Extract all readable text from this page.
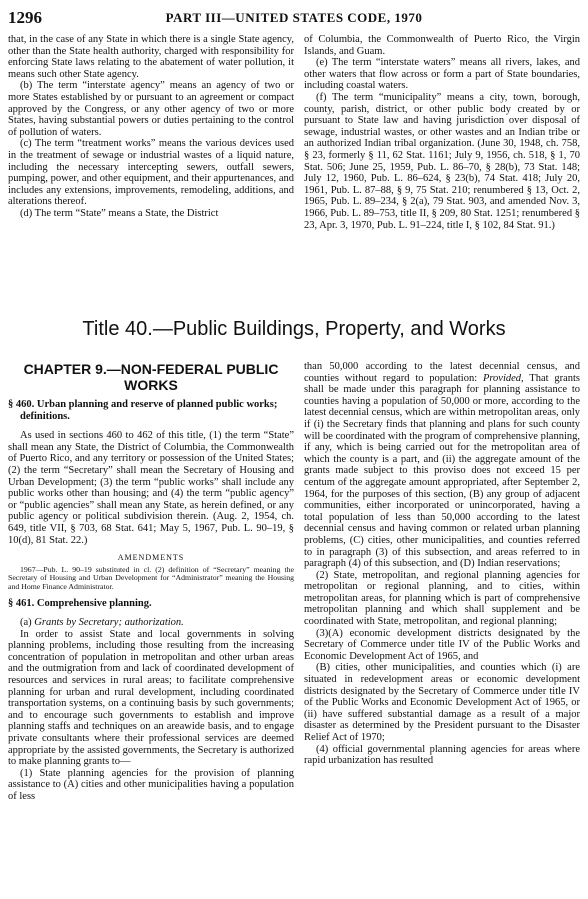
1296	PART III—UNITED STATES CODE, 1970

that, in the case of any State in which there is a single State agency, other than the State health authority, charged with responsibility for enforcing State laws relating to the abatement of water pollution, it means such other State agency.

(b) The term “interstate agency” means an agency of two or more States established by or pursuant to an agreement or compact approved by the Congress, or any other agency of two or more States, having substantial powers or duties pertaining to the control of pollution of waters.

(c) The term “treatment works” means the various devices used in the treatment of sewage or industrial wastes of a liquid nature, including the necessary intercepting sewers, outfall sewers, pumping, power, and other equipment, and their appurtenances, and includes any extensions, improvements, remodeling, additions, and alterations thereof.

(d) The term “State” means a State, the District

of Columbia, the Commonwealth of Puerto Rico, the Virgin Islands, and Guam.

(e) The term “interstate waters” means all rivers, lakes, and other waters that flow across or form a part of State boundaries, including coastal waters.

(f) The term “municipality” means a city, town, borough, county, parish, district, or other public body created by or pursuant to State law and having jurisdiction over disposal of sewage, industrial wastes, or other wastes and an Indian tribe or an authorized Indian tribal organization. (June 30, 1948, ch. 758, § 23, formerly § 11, 62 Stat. 1161; July 9, 1956, ch. 518, § 1, 70 Stat. 506; June 25, 1959, Pub. L. 86–70, § 28(b), 73 Stat. 148; July 12, 1960, Pub. L. 86–624, § 23(b), 74 Stat. 418; July 20, 1961, Pub. L. 87–88, § 9, 75 Stat. 210; renumbered § 13, Oct. 2, 1965, Pub. L. 89–234, § 2(a), 79 Stat. 903, and amended Nov. 3, 1966, Pub. L. 89–753, title II, § 209, 80 Stat. 1251; renumbered § 23, Apr. 3, 1970, Pub. L. 91–224, title I, § 102, 84 Stat. 91.)

Title 40.—Public Buildings, Property, and Works
CHAPTER 9.—NON-FEDERAL PUBLIC WORKS
§ 460. Urban planning and reserve of planned public works; definitions.

As used in sections 460 to 462 of this title, (1) the term “State” shall mean any State, the District of Columbia, the Commonwealth of Puerto Rico, and any territory or possession of the United States; (2) the term “Secretary” shall mean the Secretary of Housing and Urban Development; (3) the term “public works” shall include any public works other than housing; and (4) the term “public agency” or “public agencies” shall mean any State, as herein defined, or any public agency or political subdivision therein. (Aug. 2, 1954, ch. 649, title VII, § 703, 68 Stat. 641; May 5, 1967, Pub. L. 90–19, § 10(d), 81 Stat. 22.)

AMENDMENTS

1967—Pub. L. 90–19 substituted in cl. (2) definition of “Secretary” meaning the Secretary of Housing and Urban Development for “Administrator” meaning the Housing and Home Finance Administrator.

§ 461. Comprehensive planning.

(a) Grants by Secretary; authorization.

In order to assist State and local governments in solving planning problems, including those resulting from the increasing concentration of population in metropolitan and other urban areas and the outmigration from and lack of coordinated development of resources and services in rural areas; to facilitate comprehensive planning for urban and rural development, including coordinated transportation systems, on a continuing basis by such governments; and to encourage such governments to establish and improve planning staffs and techniques on an areawide basis, and to engage private consultants where their professional services are deemed appropriate by the assisted governments, the Secretary is authorized to make planning grants to—

(1) State planning agencies for the provision of planning assistance to (A) cities and other municipalities having a population of less

than 50,000 according to the latest decennial census, and counties without regard to population: Provided, That grants shall be made under this paragraph for planning assistance to counties having a population of 50,000 or more, according to the latest decennial census, which are within metropolitan areas, only if (i) the Secretary finds that planning and plans for such county will be coordinated with the program of comprehensive planning, if any, which is being carried out for the metropolitan area of which the county is a part, and (ii) the aggregate amount of the grants made subject to this proviso does not exceed 15 per centum of the aggregate amount appropriated, after September 2, 1964, for the purposes of this section, (B) any group of adjacent communities, either incorporated or unincorporated, having a total population of less than 50,000 according to the latest decennial census and having common or related urban planning problems, (C) cities, other municipalities, and counties referred to in paragraph (3) of this subsection, and areas referred to in paragraph (4) of this subsection, and (D) Indian reservations;

(2) State, metropolitan, and regional planning agencies for metropolitan or regional planning, and to cities, within metropolitan areas, for planning which is part of comprehensive metropolitan planning and which shall supplement and be coordinated with State, metropolitan, and regional planning;

(3)(A) economic development districts designated by the Secretary of Commerce under title IV of the Public Works and Economic Development Act of 1965, and

(B) cities, other municipalities, and counties which (i) are situated in redevelopment areas or economic development districts designated by the Secretary of Commerce under title IV of the Public Works and Economic Development Act of 1965, or (ii) have suffered substantial damage as a result of a major disaster as determined by the President pursuant to the Disaster Relief Act of 1970;

(4) official governmental planning agencies for areas where rapid urbanization has resulted
